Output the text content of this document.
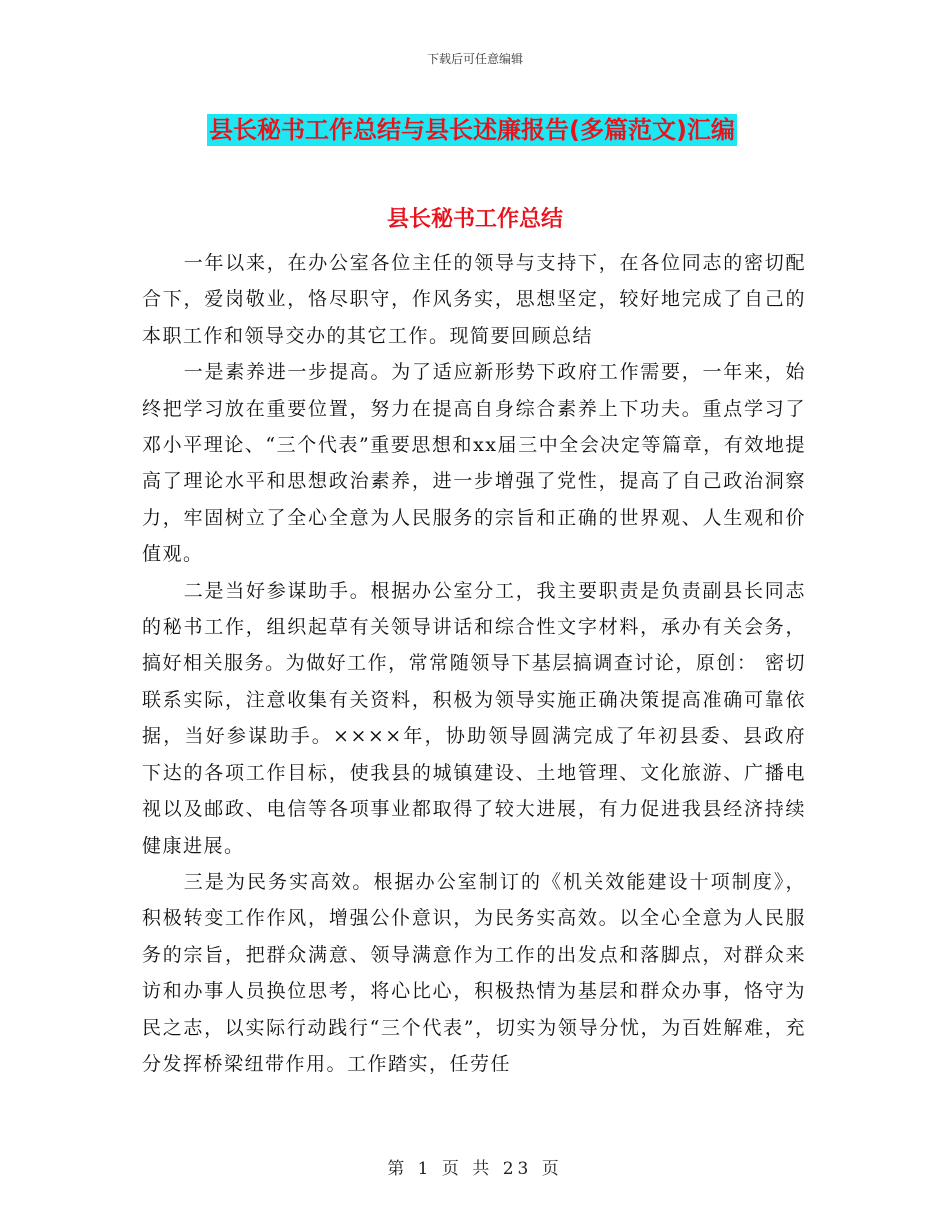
下载后可任意编辑
县长秘书工作总结与县长述廉报告(多篇范文)汇编
县长秘书工作总结

一年以来，在办公室各位主任的领导与支持下，在各位同志的密切配合下，爱岗敬业，恪尽职守，作风务实，思想坚定，较好地完成了自己的本职工作和领导交办的其它工作。现简要回顾总结

一是素养进一步提高。为了适应新形势下政府工作需要，一年来，始终把学习放在重要位置，努力在提高自身综合素养上下功夫。重点学习了邓小平理论、“三个代表”重要思想和xx届三中全会决定等篇章，有效地提高了理论水平和思想政治素养，进一步增强了党性，提高了自己政治洞察力，牢固树立了全心全意为人民服务的宗旨和正确的世界观、人生观和价值观。

二是当好参谋助手。根据办公室分工，我主要职责是负责副县长同志的秘书工作，组织起草有关领导讲话和综合性文字材料，承办有关会务，搞好相关服务。为做好工作，常常随领导下基层搞调查讨论，原创： 密切联系实际，注意收集有关资料，积极为领导实施正确决策提高准确可靠依据，当好参谋助手。××××年，协助领导圆满完成了年初县委、县政府下达的各项工作目标，使我县的城镇建设、土地管理、文化旅游、广播电视以及邮政、电信等各项事业都取得了较大进展，有力促进我县经济持续健康进展。

三是为民务实高效。根据办公室制订的《机关效能建设十项制度》，积极转变工作作风，增强公仆意识，为民务实高效。以全心全意为人民服务的宗旨，把群众满意、领导满意作为工作的出发点和落脚点，对群众来访和办事人员换位思考，将心比心，积极热情为基层和群众办事，恪守为民之志，以实际行动践行“三个代表”，切实为领导分忧，为百姓解难，充分发挥桥梁纽带作用。工作踏实，任劳任

第 1 页 共 23 页
